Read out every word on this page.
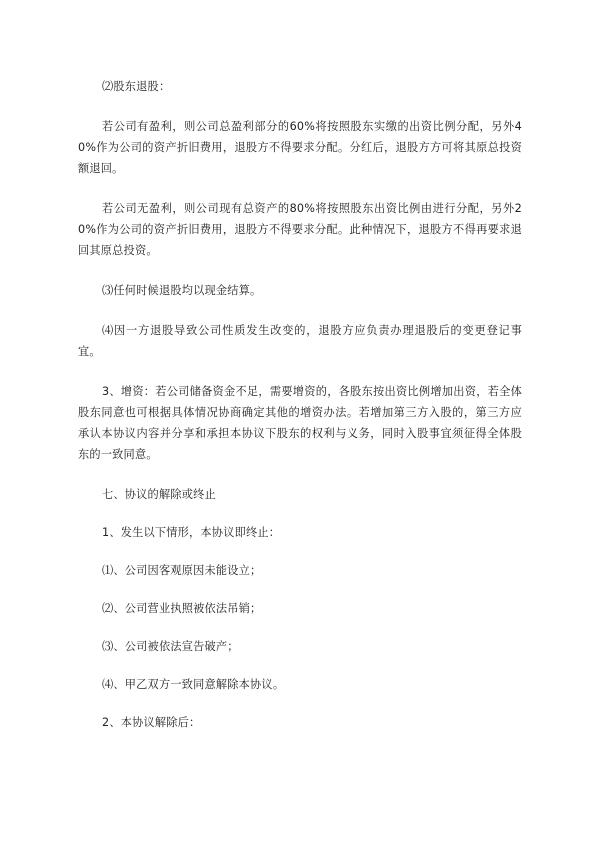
⑵股东退股：

若公司有盈利，则公司总盈利部分的60%将按照股东实缴的出资比例分配，另外40%作为公司的资产折旧费用，退股方不得要求分配。分红后，退股方方可将其原总投资额退回。

若公司无盈利，则公司现有总资产的80%将按照股东出资比例由进行分配，另外20%作为公司的资产折旧费用，退股方不得要求分配。此种情况下，退股方不得再要求退回其原总投资。

⑶任何时候退股均以现金结算。

⑷因一方退股导致公司性质发生改变的，退股方应负责办理退股后的变更登记事宜。

3、增资：若公司储备资金不足，需要增资的，各股东按出资比例增加出资，若全体股东同意也可根据具体情况协商确定其他的增资办法。若增加第三方入股的，第三方应承认本协议内容并分享和承担本协议下股东的权利与义务，同时入股事宜须征得全体股东的一致同意。

七、协议的解除或终止

1、发生以下情形，本协议即终止：

⑴、公司因客观原因未能设立；

⑵、公司营业执照被依法吊销；

⑶、公司被依法宣告破产；

⑷、甲乙双方一致同意解除本协议。

2、本协议解除后：
